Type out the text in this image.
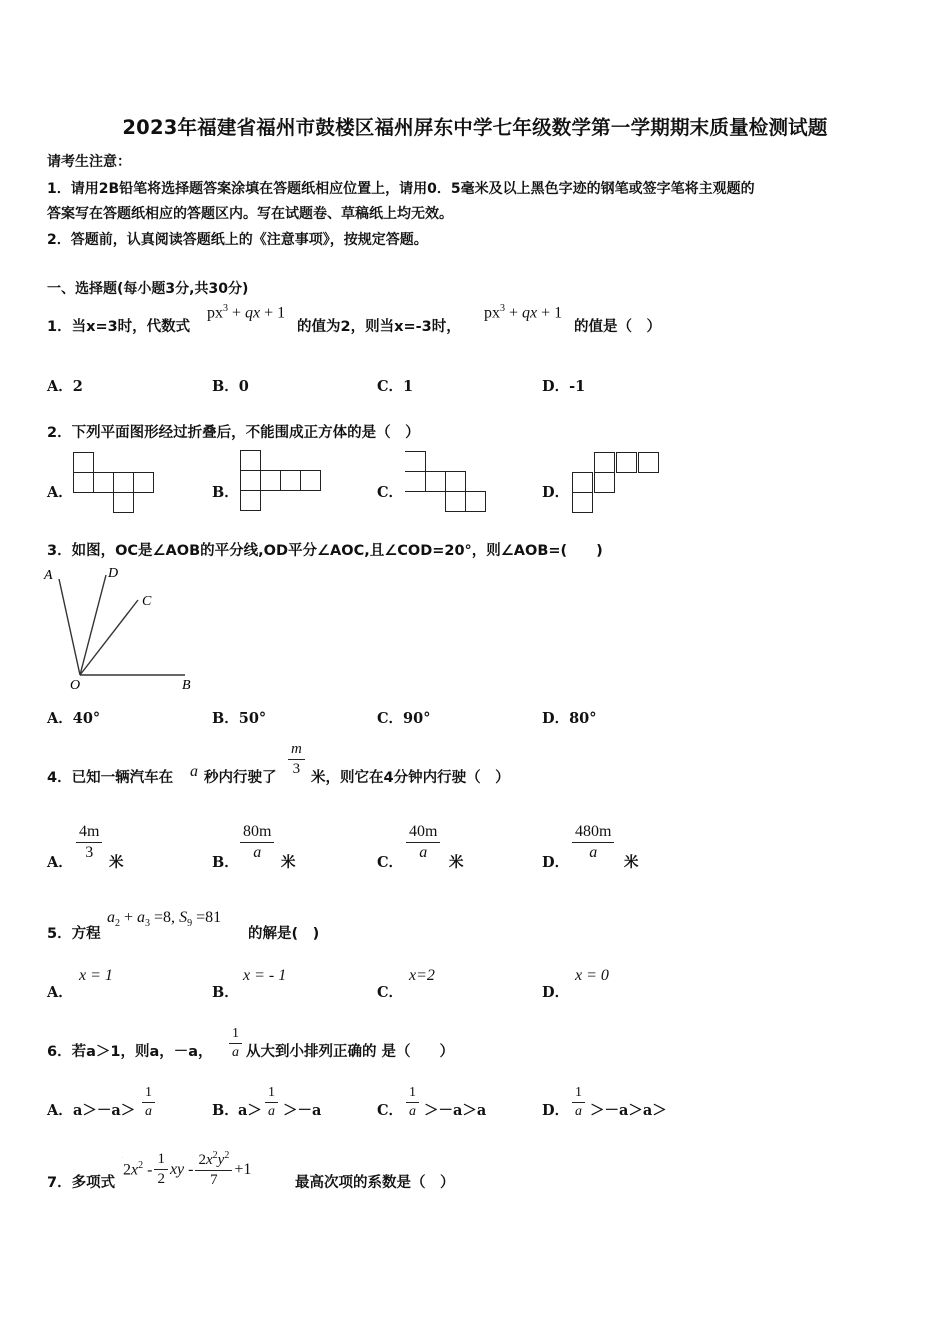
2023年福建省福州市鼓楼区福州屏东中学七年级数学第一学期期末质量检测试题
请考生注意：
1．请用2B铅笔将选择题答案涂填在答题纸相应位置上，请用0．5毫米及以上黑色字迹的钢笔或签字笔将主观题的
答案写在答题纸相应的答题区内。写在试题卷、草稿纸上均无效。
2．答题前，认真阅读答题纸上的《注意事项》，按规定答题。
一、选择题(每小题3分,共30分)
1．当x=3时，代数式
$px^3$ + qx + 1
的值为2，则当x=-3时，
$px^3$ + qx + 1
的值是（　）
A．2	B．0	C．1	D．-1
2．下列平面图形经过折叠后，不能围成正方体的是（　）
A．	B．	C．	D．
3．如图，OC是∠AOB的平分线,OD平分∠AOC,且∠COD=20°，则∠AOB=(　　)
A	D
C
O	B
A．40°	B．50°	C．90°	D．80°
4．已知一辆汽车在 a 秒内行驶了 $\frac{m}{3}$ 米，则它在4分钟内行驶（　）
A．
$\frac{4m}{3}$
米	B．
$\frac{80m}{a}$
米	C．
$\frac{40m}{a}$
米	D．
$\frac{480m}{a}$
米
5．方程
$a_2 + a_3 =8$, $S_9 =81$
的解是(　)
A．
x = 1
B．
x = - 1
C．
x=2
D．
x = 0
6．若a＞1，则a，－a， $\frac{1}{a}$ 从大到小排列正确的 是（　　）
A． $a>-a> \frac{1}{a}$	B． $a> \frac{1}{a} >-a$	C． $\frac{1}{a} >-a>a$	D． $\frac{1}{a} >-a>a>$
7．多项式
$2x^2 - \frac{1}{2}$ xy - $\frac{2x^2y^2}{7} +1$
最高次项的系数是（　）
